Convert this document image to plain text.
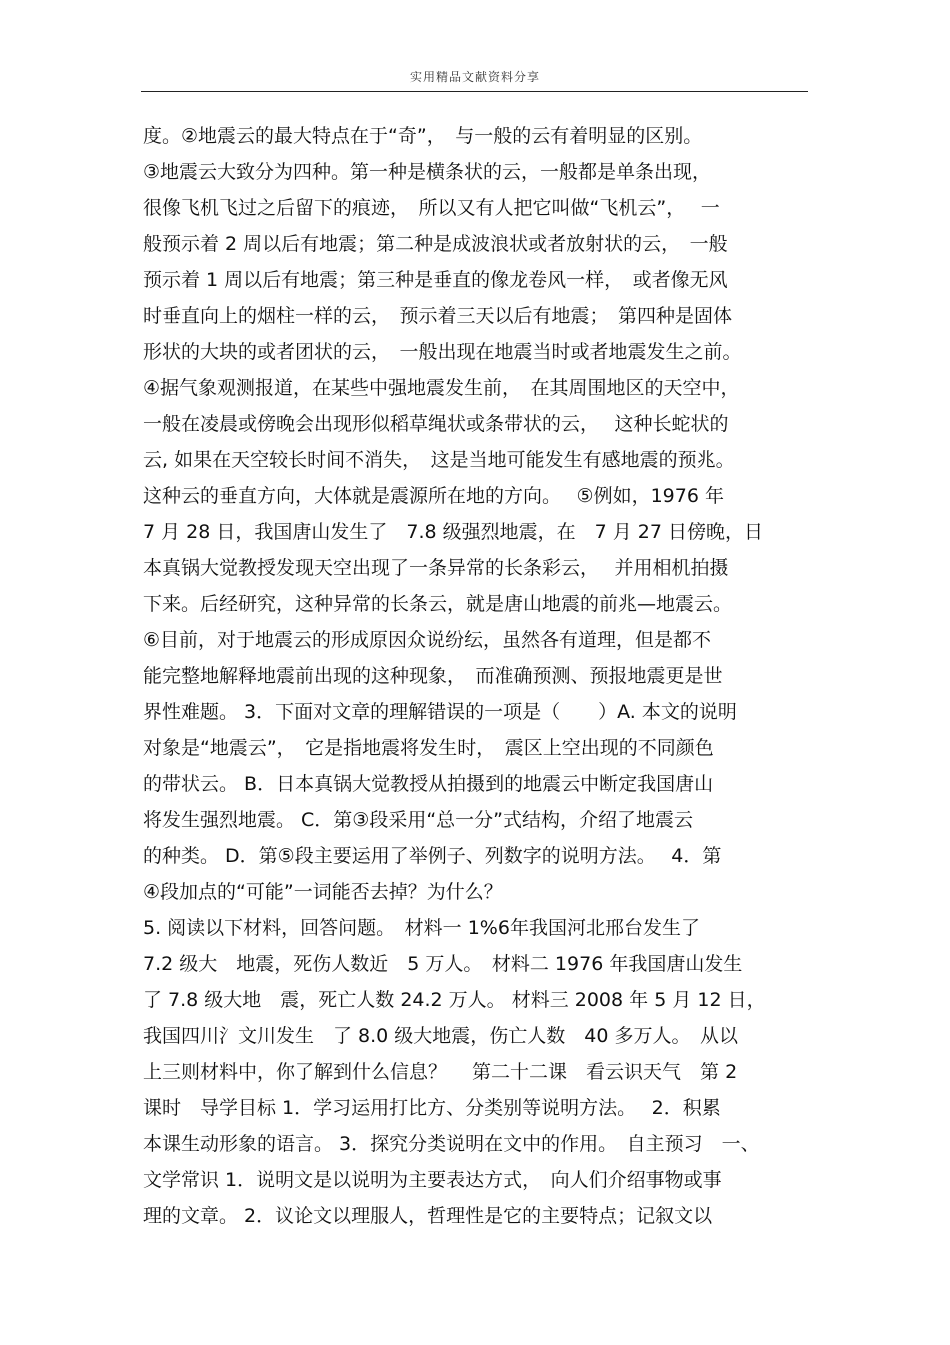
实用精品文献资料分享
度。②地震云的最大特点在于“奇”，　与一般的云有着明显的区别。
③地震云大致分为四种。第一种是横条状的云，一般都是单条出现，
很像飞机飞过之后留下的痕迹，　所以又有人把它叫做“飞机云”，　 一
般预示着 2 周以后有地震；第二种是成波浪状或者放射状的云，　一般
预示着 1 周以后有地震；第三种是垂直的像龙卷风一样，　或者像无风
时垂直向上的烟柱一样的云，　预示着三天以后有地震；　第四种是固体
形状的大块的或者团状的云，　一般出现在地震当时或者地震发生之前。
④据气象观测报道，在某些中强地震发生前，　在其周围地区的天空中，
一般在凌晨或傍晚会出现形似稻草绳状或条带状的云，　 这种长蛇状的
云, 如果在天空较长时间不消失，　这是当地可能发生有感地震的预兆。
这种云的垂直方向，大体就是震源所在地的方向。　 ⑤例如，1976 年
7 月 28 日，我国唐山发生了　7.8 级强烈地震，在　7 月 27 日傍晚，日
本真锅大觉教授发现天空出现了一条异常的长条彩云，　 并用相机拍摄
下来。后经研究，这种异常的长条云，就是唐山地震的前兆—地震云。
⑥目前，对于地震云的形成原因众说纷纭，虽然各有道理，但是都不
能完整地解释地震前出现的这种现象，　而准确预测、预报地震更是世
界性难题。 3．下面对文章的理解错误的一项是（　　）A. 本文的说明
对象是“地震云”，　它是指地震将发生时，　震区上空出现的不同颜色
的带状云。 B．日本真锅大觉教授从拍摄到的地震云中断定我国唐山
将发生强烈地震。 C．第③段采用“总一分”式结构，介绍了地震云
的种类。 D．第⑤段主要运用了举例子、列数字的说明方法。　 4．第
④段加点的“可能”一词能否去掉？为什么？
5. 阅读以下材料，回答问题。　材料一 1%6年我国河北邢台发生了
7.2 级大　地震，死伤人数近　5 万人。　材料二 1976 年我国唐山发生
了 7.8 级大地　震，死亡人数 24.2 万人。 材料三 2008 年 5 月 12 日，
我国四川氵文川发生　了 8.0 级大地震，伤亡人数　40 多万人。　从以
上三则材料中，你了解到什么信息？　 第二十二课　看云识天气　第 2
课时　导学目标 1．学习运用打比方、分类别等说明方法。　 2．积累
本课生动形象的语言。 3．探究分类说明在文中的作用。　自主预习　一、
文学常识 1．说明文是以说明为主要表达方式，　向人们介绍事物或事
理的文章。 2．议论文以理服人，哲理性是它的主要特点；记叙文以
